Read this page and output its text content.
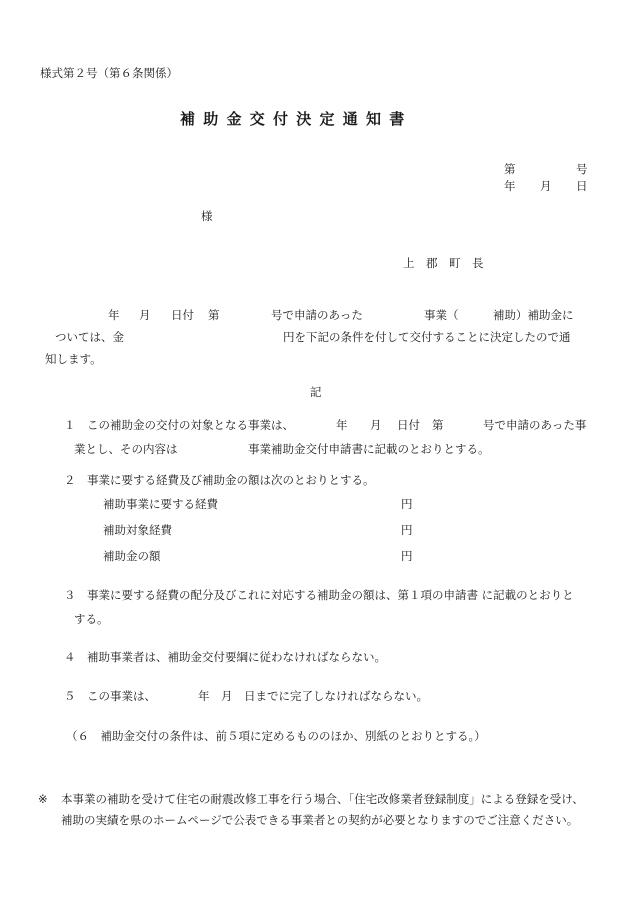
様式第２号（第６条関係）
補助金交付決定通知書
第	号
年 月 日
様
上　郡　町　長
年 月 日付 第	号で申請のあった	事業（	補助）補助金に
ついては、金	円を下記の条件を付して交付することに決定したので通
知します。
記
１　この補助金の交付の対象となる事業は、	年 月 日付 第	号で申請のあった事
業とし、その内容は	事業補助金交付申請書に記載のとおりとする。
２　事業に要する経費及び補助金の額は次のとおりとする。
補助事業に要する経費	円
補助対象経費	円
補助金の額	円
３　事業に要する経費の配分及びこれに対応する補助金の額は、第１項の申請書 に記載のとおりと
する。
４　補助事業者は、補助金交付要綱に従わなければならない。
５　この事業は、	年 月 日までに完了しなければならない。
（６　補助金交付の条件は、前５項に定めるもののほか、別紙のとおりとする。）
※ 本事業の補助を受けて住宅の耐震改修工事を行う場合、「住宅改修業者登録制度」による登録を受け、
補助の実績を県のホームページで公表できる事業者との契約が必要となりますのでご注意ください。
